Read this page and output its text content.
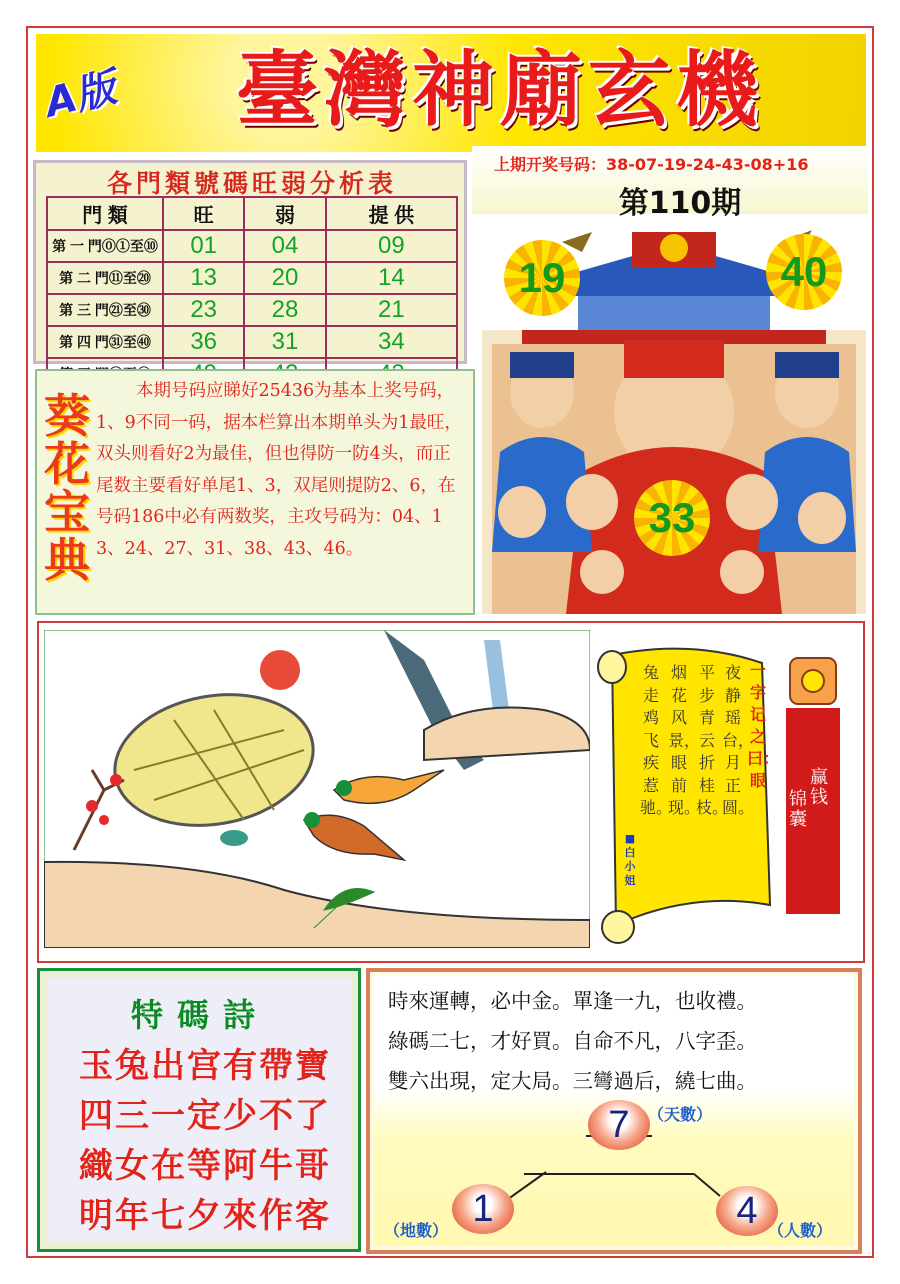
A版	臺灣神廟玄機
各門類號碼旺弱分析表
門 類	旺	弱	提 供
第 一 門⓪①至⑩	01	04	09
第 二 門⑪至⑳	13	20	14
第 三 門㉑至㉚	23	28	21
第 四 門㉛至㊵	36	31	34

上期开奖号码：38-07-19-24-43-08+16
第110期
19	40
33
葵
花
宝
典
本期号码应睇好25436为基本上奖号码，1、9不同一码，据本栏算出本期单头为1最旺，双头则看好2为最佳，但也得防一防4头，而正尾数主要看好单尾1、3，双尾则提防2、6，在号码186中必有两数奖，主攻号码为：04、13、24、27、31、38、43、46。
一字记之曰：眼
夜静瑶台，月正圆。
平步青云折桂枝。
烟花风景，眼前现。
兔走鸡飞疾惹驰。
■白小姐
赢钱
锦囊
特碼詩
玉兔出宫有帶寶
四三一定少不了
織女在等阿牛哥
明年七夕來作客
時來運轉，必中金。單逢一九，也收禮。
綠碼二七，才好買。自命不凡，八字歪。
雙六出現，定大局。三彎過后，繞七曲。
7	（天數）
1
（地數）	4 （人數）
